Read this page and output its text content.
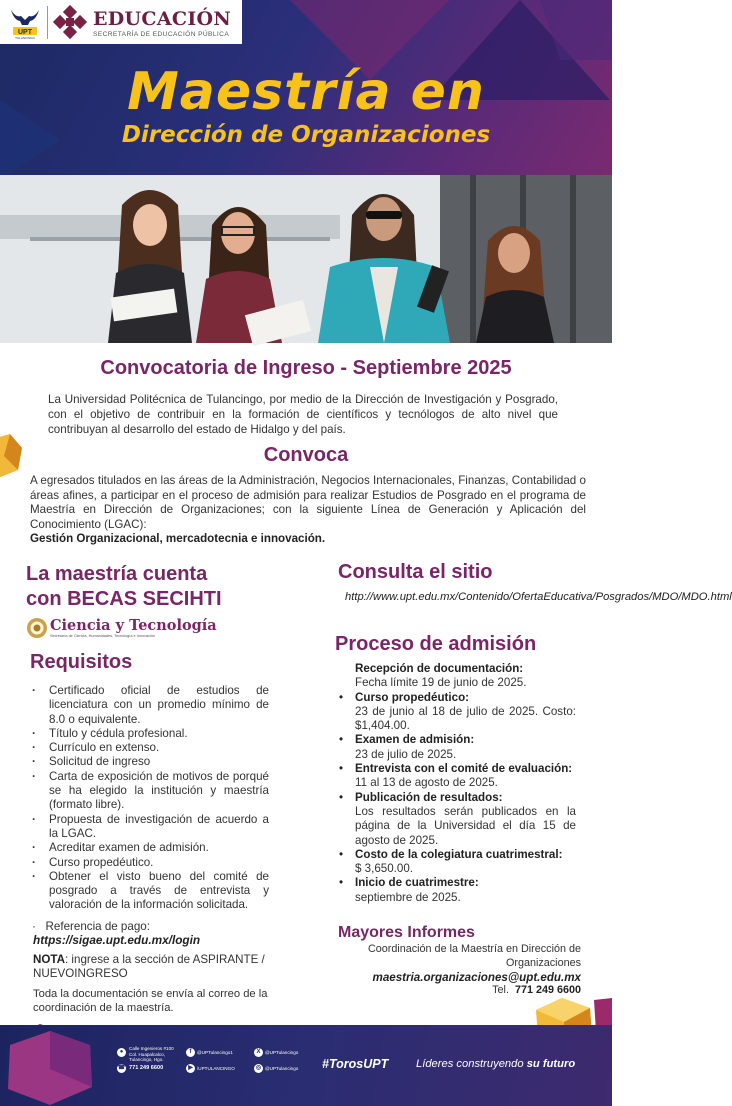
UPT
TULANCINGO
EDUCACIÓN
SECRETARÍA DE EDUCACIÓN PÚBLICA
Maestría en
Dirección de Organizaciones
Convocatoria de Ingreso - Septiembre 2025
La Universidad Politécnica de Tulancingo, por medio de la Dirección de Investigación y Posgrado, con el objetivo de contribuir en la formación de científicos y tecnólogos de alto nivel que contribuyan al desarrollo del estado de Hidalgo y del país.
Convoca
A egresados titulados en las áreas de la Administración, Negocios Internacionales, Finanzas, Contabilidad o áreas afines, a participar en el proceso de admisión para realizar Estudios de Posgrado en el programa de Maestría en Dirección de Organizaciones; con la siguiente Línea de Generación y Aplicación del Conocimiento (LGAC):
Gestión Organizacional, mercadotecnia e innovación.
La maestría cuenta
con BECAS SECIHTI
Ciencia y Tecnología
Secretaría de Ciencia, Humanidades, Tecnología e Innovación
Requisitos
· Certificado oficial de estudios de licenciatura con un promedio mínimo de 8.0 o equivalente.
· Título y cédula profesional.
· Currículo en extenso.
· Solicitud de ingreso
· Carta de exposición de motivos de porqué se ha elegido la institución y maestría (formato libre).
· Propuesta de investigación de acuerdo a la LGAC.
· Acreditar examen de admisión.
· Curso propedéutico.
· Obtener el visto bueno del comité de posgrado a través de entrevista y valoración de la información solicitada.
·   Referencia de pago:
https://sigae.upt.edu.mx/login
NOTA: ingrese a la sección de ASPIRANTE / NUEVOINGRESO
Toda la documentación se envía al correo de la coordinación de la maestría.
Consulta el sitio
http://www.upt.edu.mx/Contenido/OfertaEducativa/Posgrados/MDO/MDO.html
Proceso de admisión
Recepción de documentación:
Fecha límite 19 de junio de 2025.
• Curso propedéutico:
23 de junio al 18 de julio de 2025. Costo: $1,404.00.
• Examen de admisión:
23 de julio de 2025.
• Entrevista con el comité de evaluación:
11 al 13 de agosto de 2025.
• Publicación de resultados:
Los resultados serán publicados en la página de la Universidad el día 15 de agosto de 2025.
• Costo de la colegiatura cuatrimestral:
$ 3,650.00.
• Inicio de cuatrimestre:
septiembre de 2025.
Mayores Informes
Coordinación de la Maestría en Dirección de Organizaciones
maestria.organizaciones@upt.edu.mx
Tel. 771 249 6600
●
Calle Ingenieros #100 Col. Huapalcalco, Tulancingo, Hgo.
☎ 771 249 6600
f	@UPTulancingo1
▶ /UPTULANCINGO
X @UPTulancingo
◎ @UPTulancingo #TorosUPT Líderes construyendo su futuro
